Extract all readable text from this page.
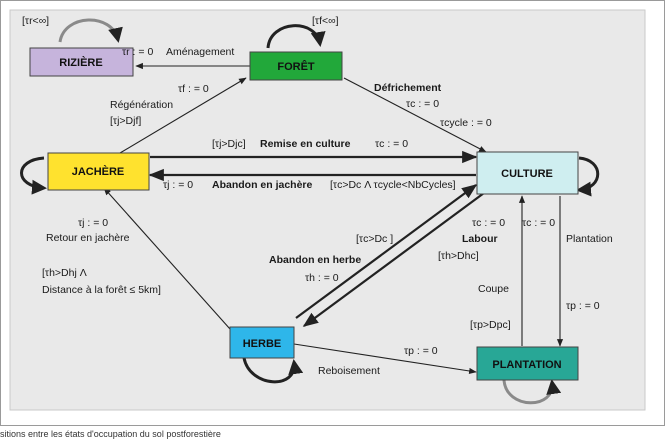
RIZIÈRE	FORÊT
JACHÈRE	CULTURE
HERBE
PLANTATION
[τr<∞]	[τf<∞]
τr : = 0 Aménagement
τf : = 0
Régénération
[τj>Djf]
Défrichement
τc : = 0
τcycle : = 0
[τj>Djc] Remise en culture τc : = 0
τj : = 0 Abandon en jachère [τc>Dc Λ τcycle<NbCycles]
τj : = 0
Retour en jachère
[τh>Dhj Λ
Distance à la forêt ≤ 5km]
[τc>Dc ]
Abandon en herbe
τh : = 0
τc : = 0
Labour
[τh>Dhc]
τc : = 0
Coupe
[τp>Dpc]
Plantation
τp : = 0
τp : = 0
Reboisement
sitions entre les états d'occupation du sol postforestière
